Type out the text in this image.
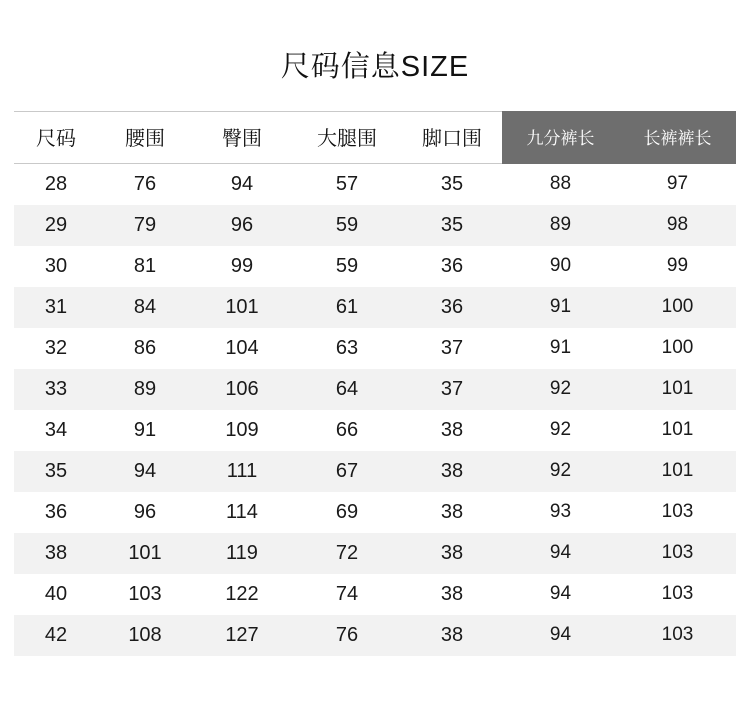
尺码信息SIZE
尺码	腰围	臀围	大腿围	脚口围	九分裤长	长裤裤长
28	76	94	57	35	88	97
29	79	96	59	35	89	98
30	81	99	59	36	90	99
31	84	101	61	36	91	100
32	86	104	63	37	91	100
33	89	106	64	37	92	101
34	91	109	66	38	92	101
35	94	111	67	38	92	101
36	96	114	69	38	93	103
38	101	119	72	38	94	103
40	103	122	74	38	94	103
42	108	127	76	38	94	103
